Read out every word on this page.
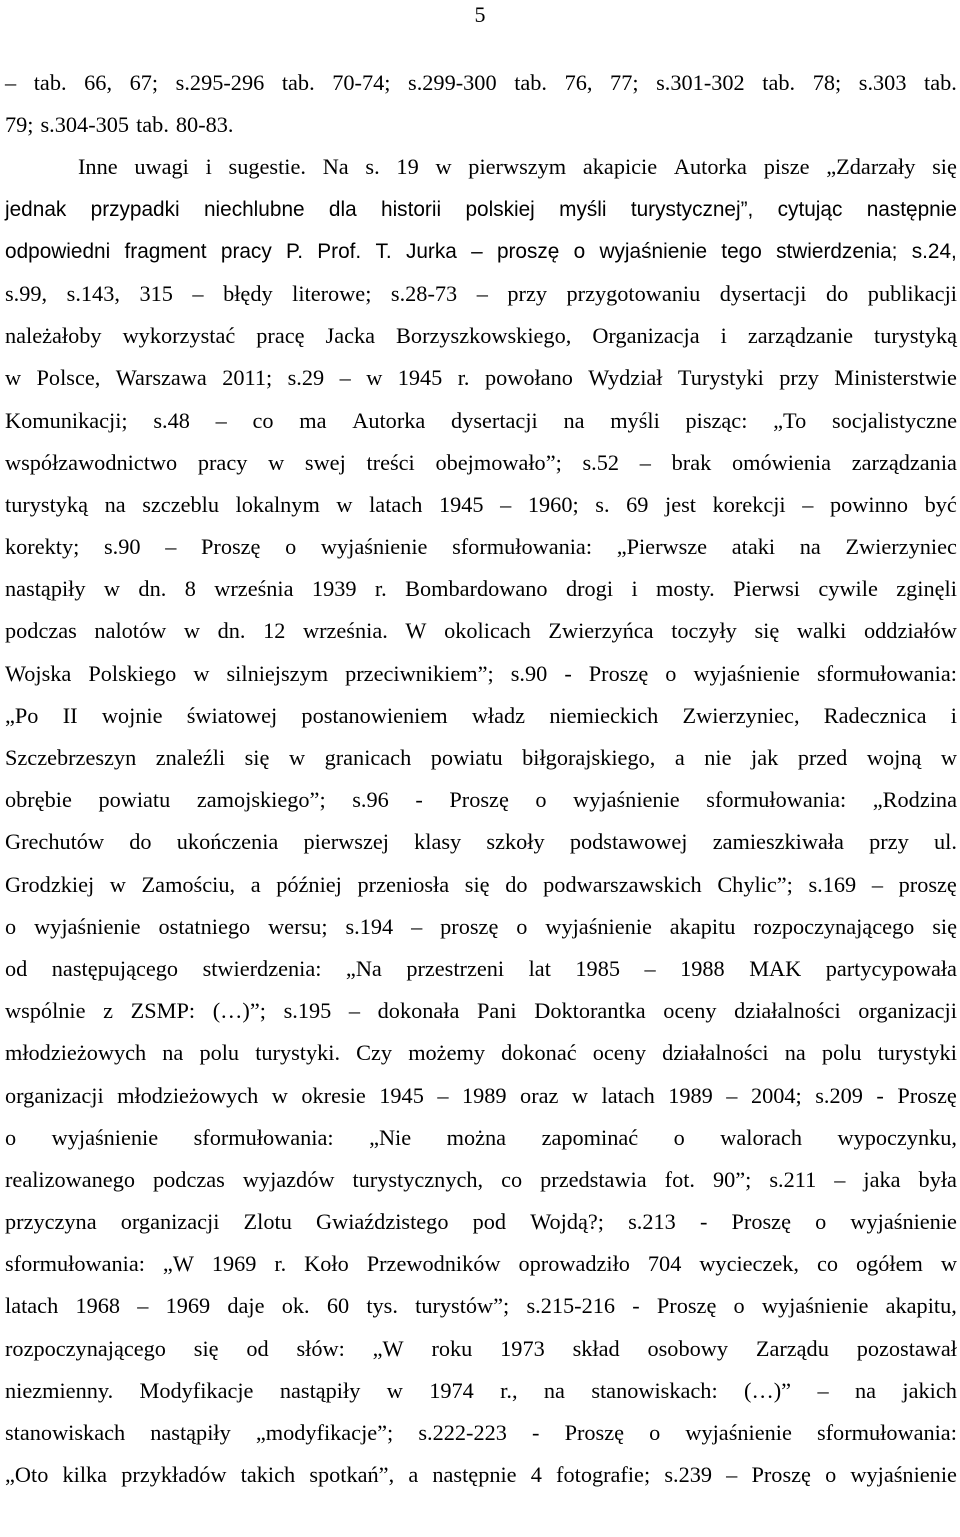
5
– tab. 66, 67; s.295-296 tab. 70-74; s.299-300 tab. 76, 77; s.301-302 tab. 78; s.303 tab.
79; s.304-305 tab. 80-83.
Inne uwagi i sugestie. Na s. 19 w pierwszym akapicie Autorka pisze „Zdarzały się
jednak przypadki niechlubne dla historii polskiej myśli turystycznej”, cytując następnie
odpowiedni fragment pracy P. Prof. T. Jurka – proszę o wyjaśnienie tego stwierdzenia; s.24,
s.99, s.143, 315 – błędy literowe; s.28-73 – przy przygotowaniu dysertacji do publikacji
należałoby wykorzystać pracę Jacka Borzyszkowskiego, Organizacja i zarządzanie turystyką
w Polsce, Warszawa 2011; s.29 – w 1945 r. powołano Wydział Turystyki przy Ministerstwie
Komunikacji; s.48 – co ma Autorka dysertacji na myśli pisząc: „To socjalistyczne
współzawodnictwo pracy w swej treści obejmowało”; s.52 – brak omówienia zarządzania
turystyką na szczeblu lokalnym w latach 1945 – 1960; s. 69 jest korekcji – powinno być
korekty; s.90 – Proszę o wyjaśnienie sformułowania: „Pierwsze ataki na Zwierzyniec
nastąpiły w dn. 8 września 1939 r. Bombardowano drogi i mosty. Pierwsi cywile zginęli
podczas nalotów w dn. 12 września. W okolicach Zwierzyńca toczyły się walki oddziałów
Wojska Polskiego w silniejszym przeciwnikiem”; s.90 - Proszę o wyjaśnienie sformułowania:
„Po II wojnie światowej postanowieniem władz niemieckich Zwierzyniec, Radecznica i
Szczebrzeszyn znaleźli się w granicach powiatu biłgorajskiego, a nie jak przed wojną w
obrębie powiatu zamojskiego”; s.96 - Proszę o wyjaśnienie sformułowania: „Rodzina
Grechutów do ukończenia pierwszej klasy szkoły podstawowej zamieszkiwała przy ul.
Grodzkiej w Zamościu, a później przeniosła się do podwarszawskich Chylic”; s.169 – proszę
o wyjaśnienie ostatniego wersu; s.194 – proszę o wyjaśnienie akapitu rozpoczynającego się
od następującego stwierdzenia: „Na przestrzeni lat 1985 – 1988 MAK partycypowała
wspólnie z ZSMP: (…)”; s.195 – dokonała Pani Doktorantka oceny działalności organizacji
młodzieżowych na polu turystyki. Czy możemy dokonać oceny działalności na polu turystyki
organizacji młodzieżowych w okresie 1945 – 1989 oraz w latach 1989 – 2004; s.209 - Proszę
o wyjaśnienie sformułowania: „Nie można zapominać o walorach wypoczynku,
realizowanego podczas wyjazdów turystycznych, co przedstawia fot. 90”; s.211 – jaka była
przyczyna organizacji Zlotu Gwiaździstego pod Wojdą?; s.213 - Proszę o wyjaśnienie
sformułowania: „W 1969 r. Koło Przewodników oprowadziło 704 wycieczek, co ogółem w
latach 1968 – 1969 daje ok. 60 tys. turystów”; s.215-216 - Proszę o wyjaśnienie akapitu,
rozpoczynającego się od słów: „W roku 1973 skład osobowy Zarządu pozostawał
niezmienny. Modyfikacje nastąpiły w 1974 r., na stanowiskach: (…)” – na jakich
stanowiskach nastąpiły „modyfikacje”; s.222-223 - Proszę o wyjaśnienie sformułowania:
„Oto kilka przykładów takich spotkań”, a następnie 4 fotografie; s.239 – Proszę o wyjaśnienie
